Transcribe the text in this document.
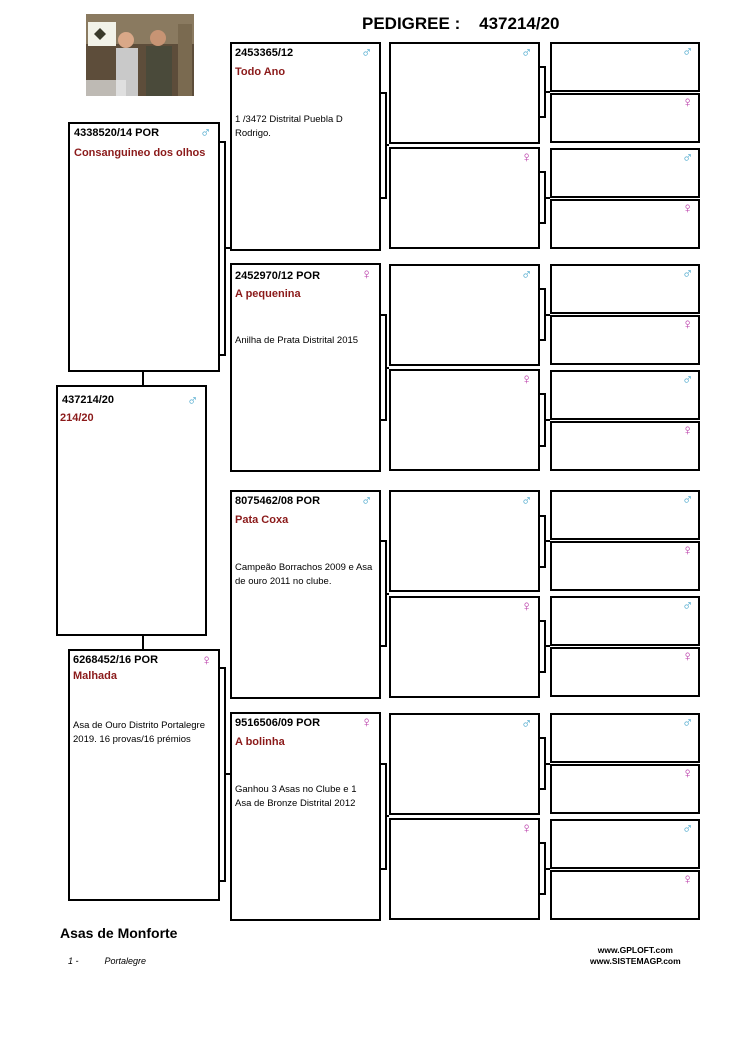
PEDIGREE :    437214/20
437214/20	♂
214/20
4338520/14 POR	♂
Consanguineo dos olhos
6268452/16 POR	♀
Malhada
Asa de Ouro Distrito Portalegre 2019. 16 provas/16 prémios
2453365/12	♂
Todo Ano
1 /3472 Distrital Puebla D Rodrigo.
2452970/12 POR	♀
A pequenina
Anilha de Prata Distrital 2015
8075462/08 POR	♂
Pata Coxa
Campeão Borrachos 2009 e Asa de ouro 2011 no clube.
9516506/09 POR	♀
A bolinha
Ganhou 3 Asas no Clube e 1 Asa de Bronze Distrital 2012
♂
♀
♂
♀
♂
♀
♂
♀
♂
♀
♂
♀
♂
♀
♂
♀
♂
♀
♂
♀
♂
♀
♂
♀
Asas de Monforte
1 -	Portalegre
www.GPLOFT.com
www.SISTEMAGP.com
